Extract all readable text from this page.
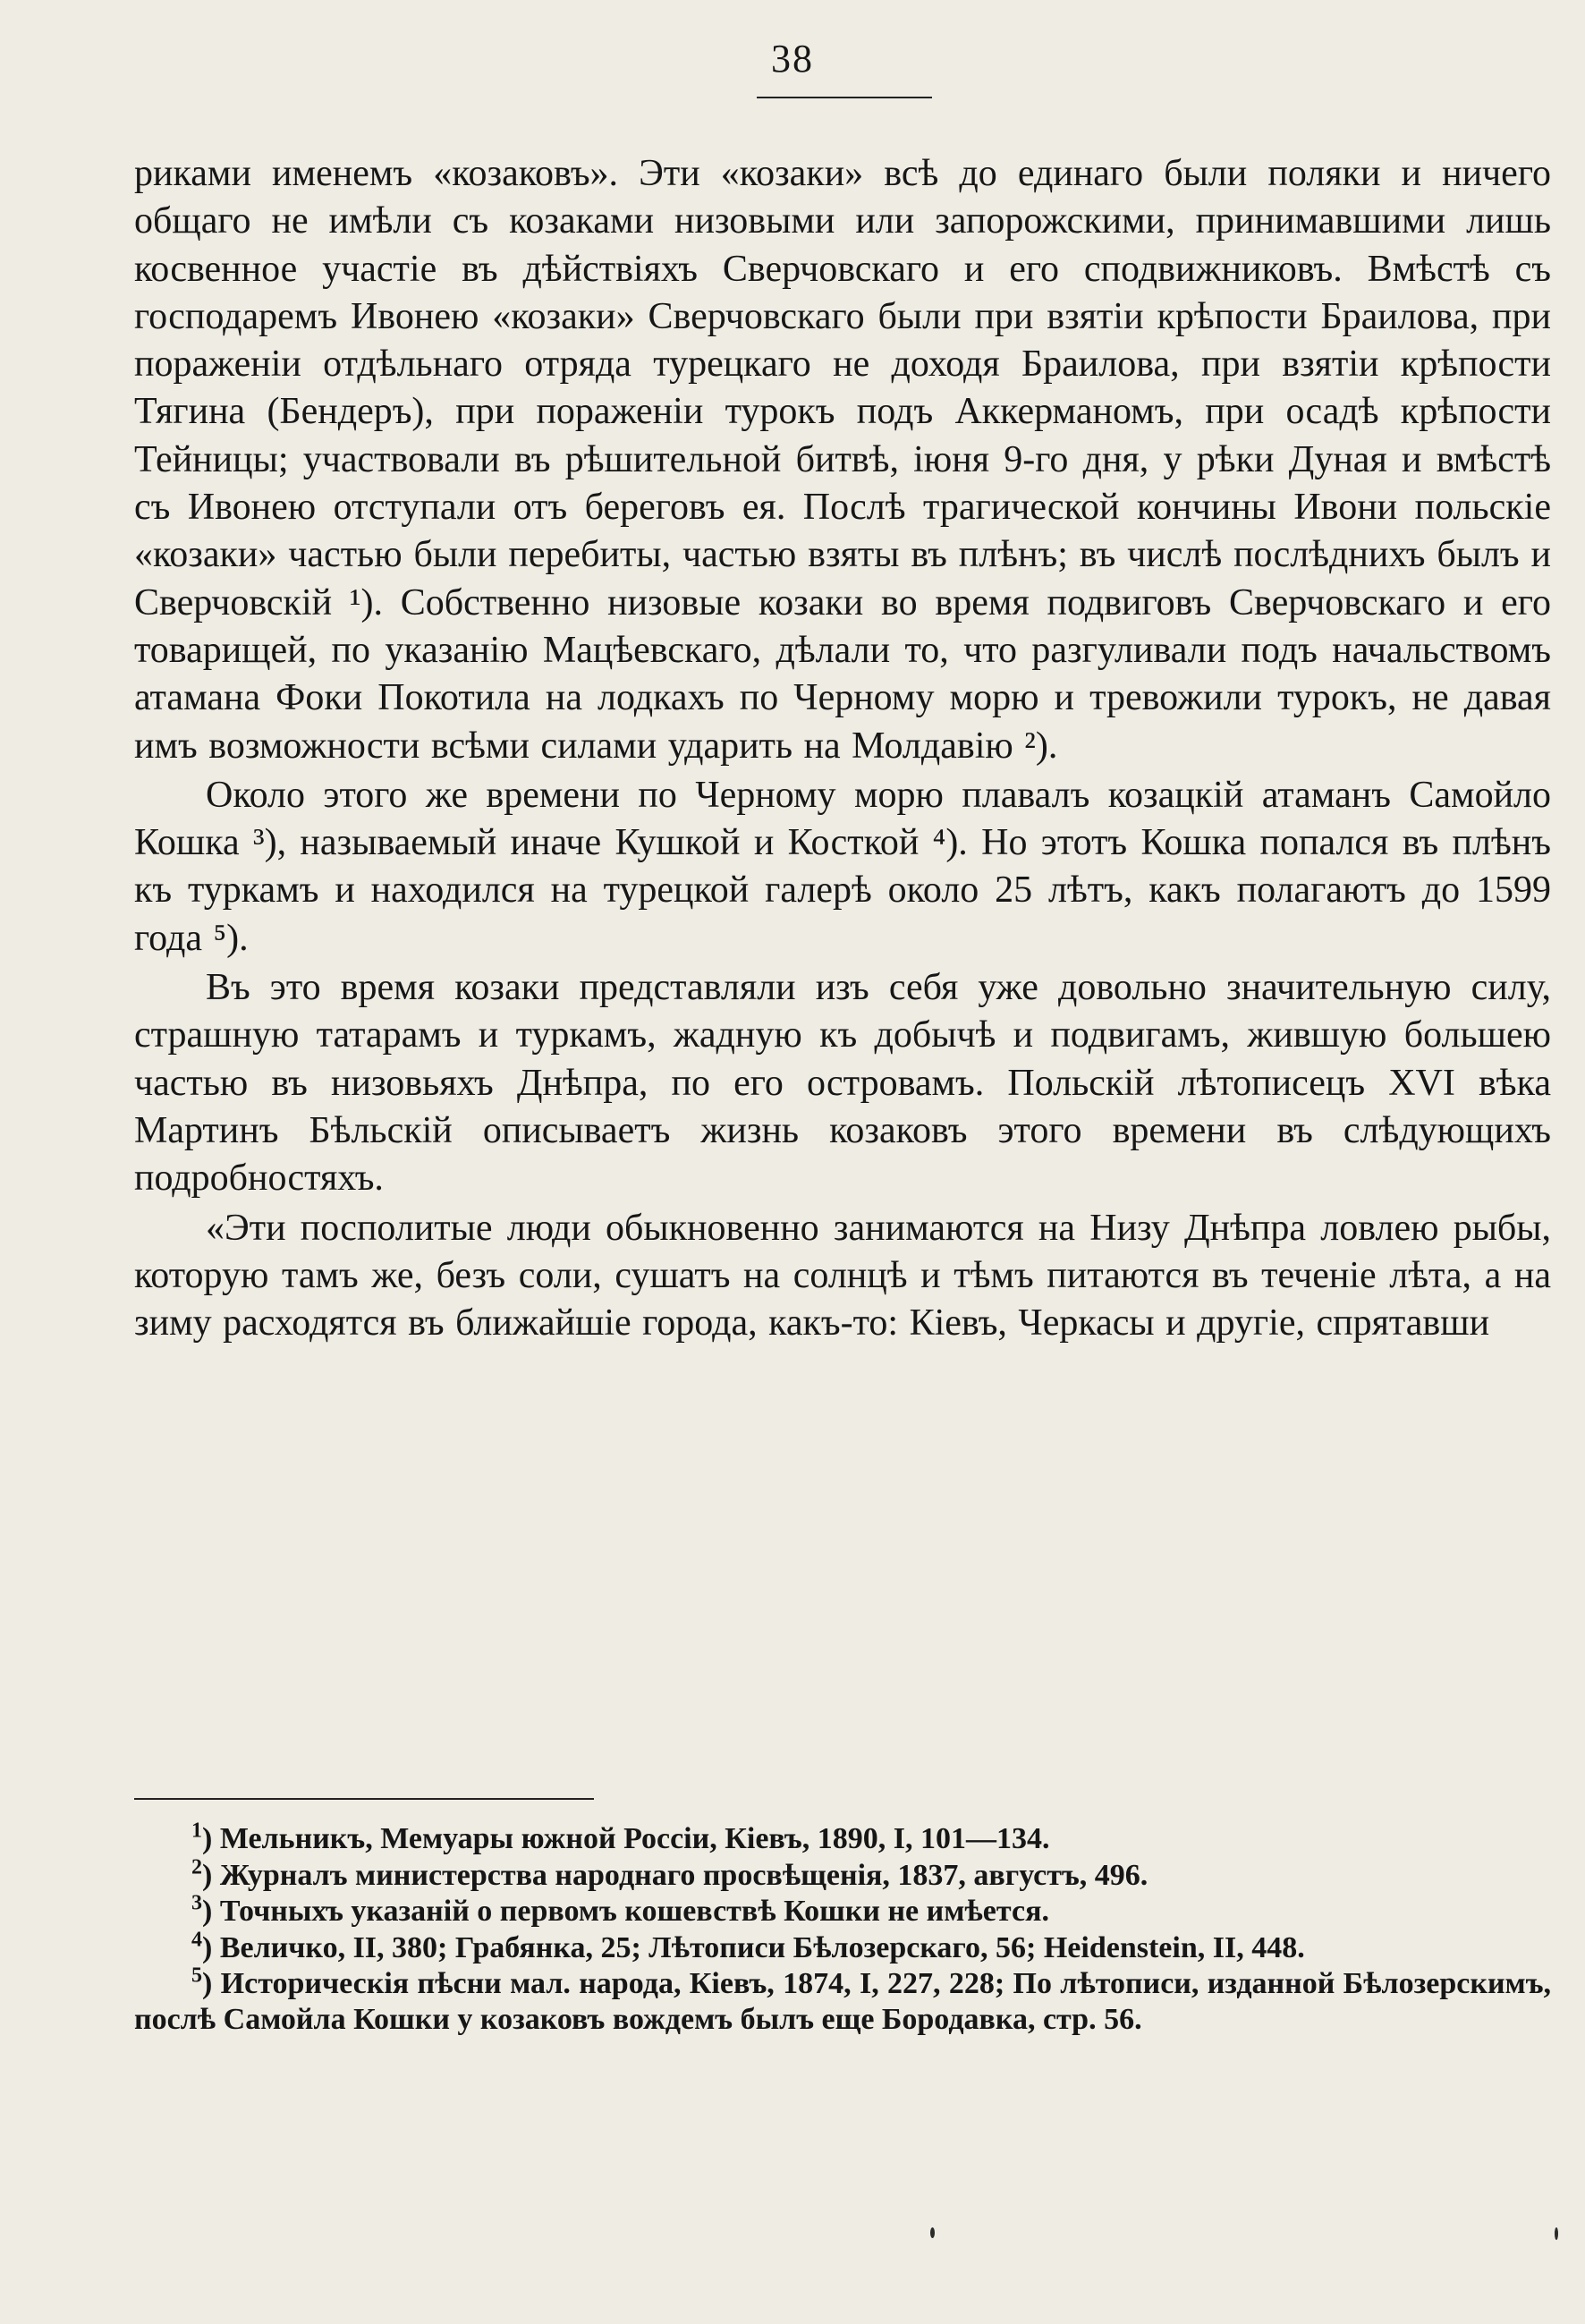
38

риками именемъ «козаковъ». Эти «козаки» всѣ до единаго были поляки и ничего общаго не имѣли съ козаками низовыми или запорожскими, принимавшими лишь косвенное участіе въ дѣйствіяхъ Сверчовскаго и его сподвижниковъ. Вмѣстѣ съ господаремъ Ивонею «козаки» Сверчовскаго были при взятіи крѣпости Браилова, при пораженіи отдѣльнаго отряда турецкаго не доходя Браилова, при взятіи крѣпости Тягина (Бендеръ), при пораженіи турокъ подъ Аккерманомъ, при осадѣ крѣпости Тейницы; участвовали въ рѣшительной битвѣ, іюня 9-го дня, у рѣки Дуная и вмѣстѣ съ Ивонею отступали отъ береговъ ея. Послѣ трагической кончины Ивони польскіе «козаки» частью были перебиты, частью взяты въ плѣнъ; въ числѣ послѣднихъ былъ и Сверчовскій ¹). Собственно низовые козаки во время подвиговъ Сверчовскаго и его товарищей, по указанію Мацѣевскаго, дѣлали то, что разгуливали подъ начальствомъ атамана Фоки Покотила на лодкахъ по Черному морю и тревожили турокъ, не давая имъ возможности всѣми силами ударить на Молдавію ²).

Около этого же времени по Черному морю плавалъ козацкій атаманъ Самойло Кошка ³), называемый иначе Кушкой и Косткой ⁴). Но этотъ Кошка попался въ плѣнъ къ туркамъ и находился на турецкой галерѣ около 25 лѣтъ, какъ полагаютъ до 1599 года ⁵).

Въ это время козаки представляли изъ себя уже довольно значительную силу, страшную татарамъ и туркамъ, жадную къ добычѣ и подвигамъ, жившую большею частью въ низовьяхъ Днѣпра, по его островамъ. Польскій лѣтописецъ XVI вѣка Мартинъ Бѣльскій описываетъ жизнь козаковъ этого времени въ слѣдующихъ подробностяхъ.

«Эти посполитые люди обыкновенно занимаются на Низу Днѣпра ловлею рыбы, которую тамъ же, безъ соли, сушатъ на солнцѣ и тѣмъ питаются въ теченіе лѣта, а на зиму расходятся въ ближайшіе города, какъ-то: Кіевъ, Черкасы и другіе, спрятавши

$^1$) Мельникъ, Мемуары южной Россіи, Кіевъ, 1890, I, 101—134.

$^2$) Журналъ министерства народнаго просвѣщенія, 1837, августъ, 496.

$^3$) Точныхъ указаній о первомъ кошевствѣ Кошки не имѣется.

$^4$) Величко, II, 380; Грабянка, 25; Лѣтописи Бѣлозерскаго, 56; Heidenstein, II, 448.

$^5$) Историческія пѣсни мал. народа, Кіевъ, 1874, I, 227, 228; По лѣтописи, изданной Бѣлозерскимъ, послѣ Самойла Кошки у козаковъ вождемъ былъ еще Бородавка, стр. 56.
